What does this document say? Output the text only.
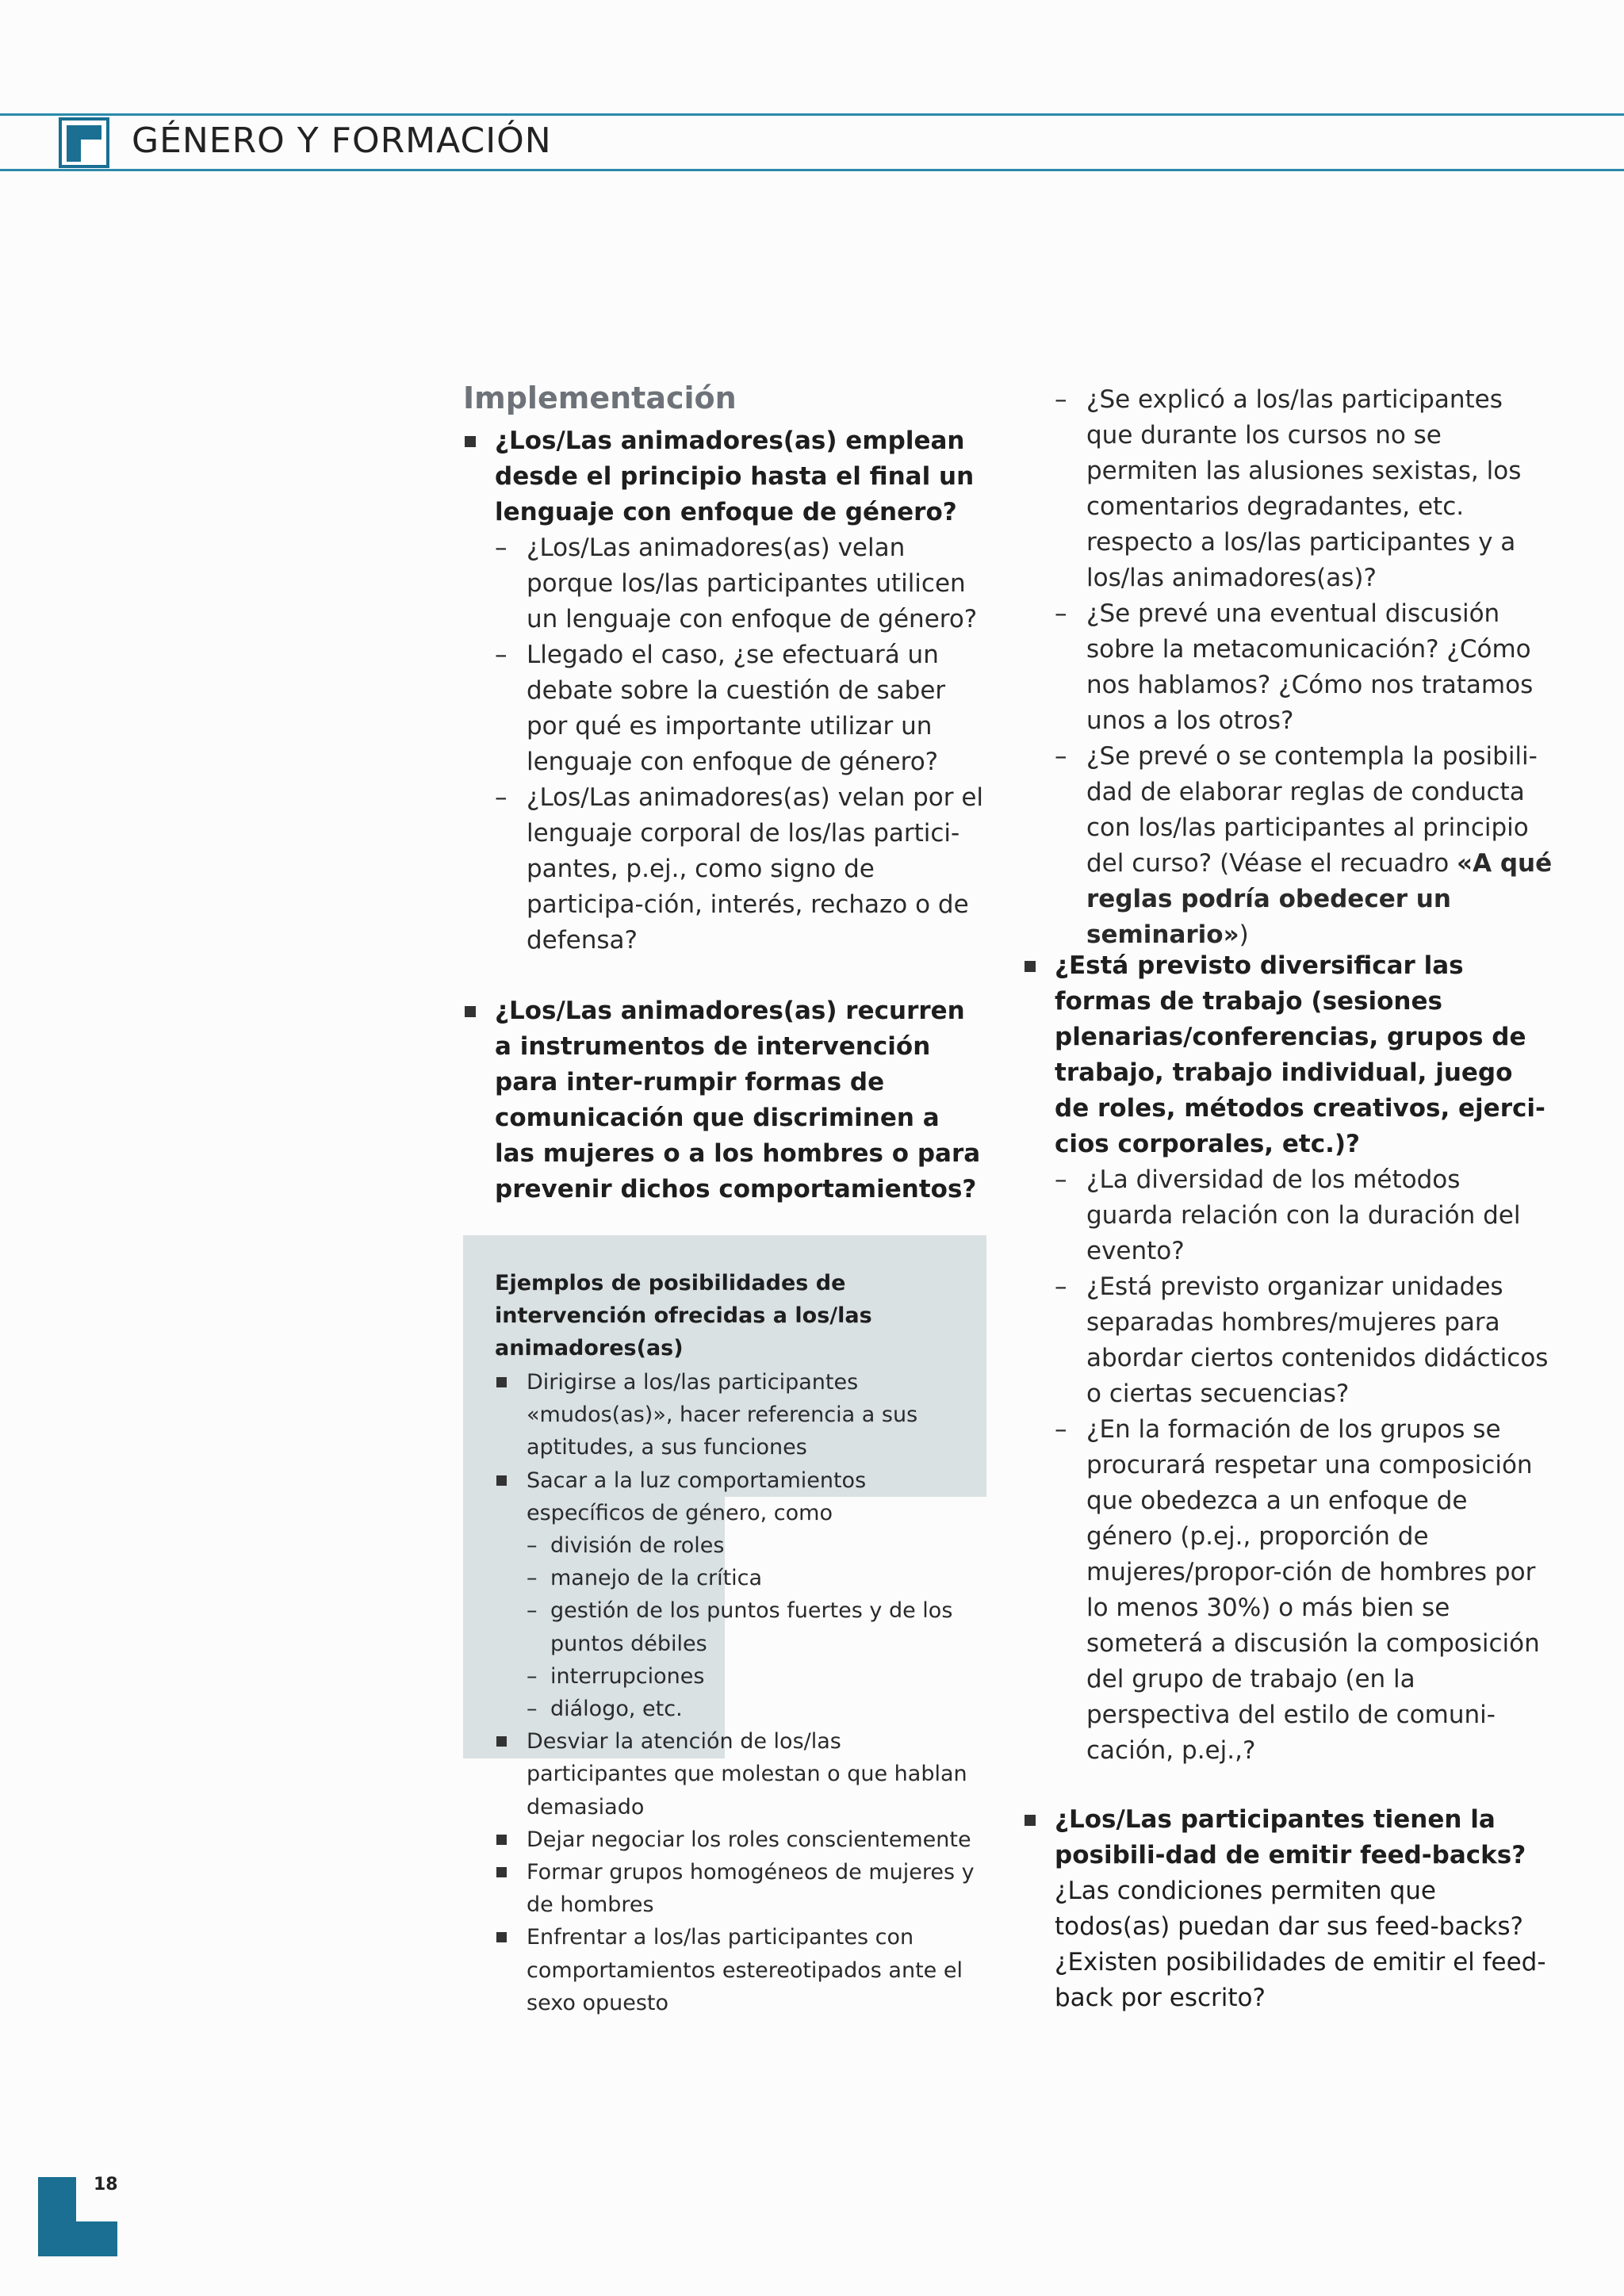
GÉNERO Y FORMACIÓN
Implementación
¿Los/Las animadores(as) emplean desde el principio hasta el final un lenguaje con enfoque de género?
– ¿Los/Las animadores(as) velan porque los/las participantes utilicen un lenguaje con enfoque de género?
– Llegado el caso, ¿se efectuará un debate sobre la cuestión de saber por qué es importante utilizar un lenguaje con enfoque de género?
– ¿Los/Las animadores(as) velan por el lenguaje corporal de los/las partici-pantes, p.ej., como signo de participa-ción, interés, rechazo o de defensa?
¿Los/Las animadores(as) recurren a instrumentos de intervención para inter-rumpir formas de comunicación que discriminen a las mujeres o a los hombres o para prevenir dichos comportamientos?
Ejemplos de posibilidades de intervención ofrecidas a los/las animadores(as)
Dirigirse a los/las participantes «mudos(as)», hacer referencia a sus aptitudes, a sus funciones
Sacar a la luz comportamientos específicos de género, como
– división de roles
– manejo de la crítica
– gestión de los puntos fuertes y de los puntos débiles
– interrupciones
– diálogo, etc.
Desviar la atención de los/las participantes que molestan o que hablan demasiado
Dejar negociar los roles conscientemente
Formar grupos homogéneos de mujeres y de hombres
Enfrentar a los/las participantes con comportamientos estereotipados ante el sexo opuesto
– ¿Se explicó a los/las participantes que durante los cursos no se permiten las alusiones sexistas, los comentarios degradantes, etc. respecto a los/las participantes y a los/las animadores(as)?
– ¿Se prevé una eventual discusión sobre la metacomunicación? ¿Cómo nos hablamos? ¿Cómo nos tratamos unos a los otros?
– ¿Se prevé o se contempla la posibili-dad de elaborar reglas de conducta con los/las participantes al principio del curso? (Véase el recuadro «A qué reglas podría obedecer un seminario»)
¿Está previsto diversificar las formas de trabajo (sesiones plenarias/conferencias, grupos de trabajo, trabajo individual, juego de roles, métodos creativos, ejerci-cios corporales, etc.)?
– ¿La diversidad de los métodos guarda relación con la duración del evento?
– ¿Está previsto organizar unidades separadas hombres/mujeres para abordar ciertos contenidos didácticos o ciertas secuencias?
– ¿En la formación de los grupos se procurará respetar una composición que obedezca a un enfoque de género (p.ej., proporción de mujeres/propor-ción de hombres por lo menos 30%) o más bien se someterá a discusión la composición del grupo de trabajo (en la perspectiva del estilo de comuni-cación, p.ej.,?
¿Los/Las participantes tienen la posibili-dad de emitir feed-backs?
¿Las condiciones permiten que todos(as) puedan dar sus feed-backs?
¿Existen posibilidades de emitir el feed-back por escrito?
18
